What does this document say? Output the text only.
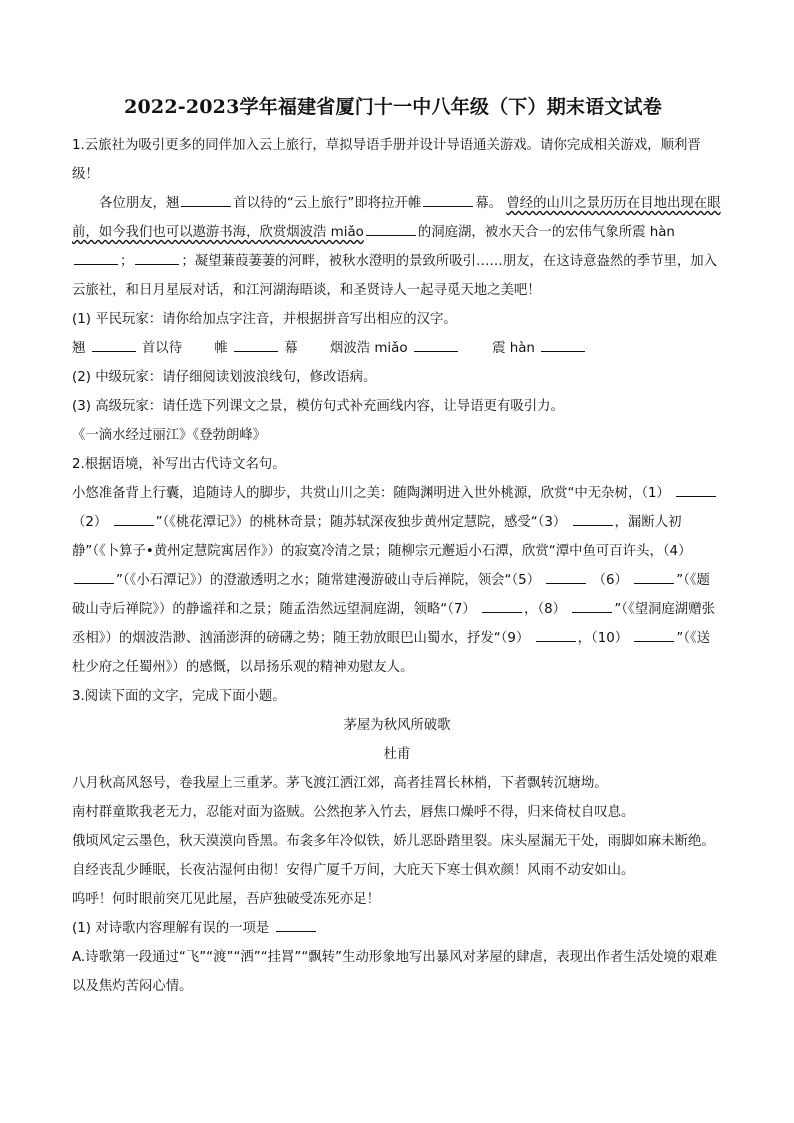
2022-2023学年福建省厦门十一中八年级（下）期末语文试卷

1.云旅社为吸引更多的同伴加入云上旅行，草拟导语手册并设计导语通关游戏。请你完成相关游戏，顺利晋级！

各位朋友，翘	首以待的“云上旅行”即将拉开帷	幕。 曾经的山川之景历历在目地出现在眼前，如今我们也可以遨游书海，欣赏烟波浩 miǎo	的洞庭湖，被水天合一的宏伟气象所震 hàn；	；凝望蒹葭萋萋的河畔，被秋水澄明的景致所吸引……朋友，在这诗意盎然的季节里，加入云旅社，和日月星辰对话，和江河湖海晤谈，和圣贤诗人一起寻觅天地之美吧！

(1) 平民玩家：请你给加点字注音，并根据拼音写出相应的汉字。

翘	首以待 帷	幕 烟波浩 miǎo	震 hàn

(2) 中级玩家：请仔细阅读划波浪线句，修改语病。

(3) 高级玩家：请任选下列课文之景，模仿句式补充画线内容，让导语更有吸引力。

《一滴水经过丽江》《登勃朗峰》

2.根据语境，补写出古代诗文名句。

小悠准备背上行囊，追随诗人的脚步，共赏山川之美：随陶渊明进入世外桃源，欣赏“中无杂树，（1）  （2）	”（《桃花潭记》）的桃林奇景；随苏轼深夜独步黄州定慧院，感受“（3）	，漏断人初静”（《卜算子•黄州定慧院寓居作》）的寂寞冷清之景；随柳宗元邂逅小石潭，欣赏“潭中鱼可百许头，（4） ”（《小石潭记》）的澄澈透明之水；随常建漫游破山寺后禅院，领会“（5）	（6）	”（《题破山寺后禅院》）的静谧祥和之景；随孟浩然远望洞庭湖，领略“（7）	，（8）	”（《望洞庭湖赠张丞相》）的烟波浩渺、汹涌澎湃的磅礴之势；随王勃放眼巴山蜀水，抒发“（9）	，（10）	”（《送杜少府之任蜀州》）的感慨，以昂扬乐观的精神劝慰友人。

3.阅读下面的文字，完成下面小题。

茅屋为秋风所破歌

杜甫

八月秋高风怒号，卷我屋上三重茅。茅飞渡江洒江郊，高者挂罥长林梢，下者飘转沉塘坳。

南村群童欺我老无力，忍能对面为盗贼。公然抱茅入竹去，唇焦口燥呼不得，归来倚杖自叹息。

俄顷风定云墨色，秋天漠漠向昏黑。布衾多年冷似铁，娇儿恶卧踏里裂。床头屋漏无干处，雨脚如麻未断绝。

自经丧乱少睡眠，长夜沾湿何由彻！安得广厦千万间，大庇天下寒士俱欢颜！风雨不动安如山。

呜呼！何时眼前突兀见此屋，吾庐独破受冻死亦足！

(1) 对诗歌内容理解有误的一项是

A.诗歌第一段通过“飞”“渡”“洒”“挂罥”“飘转”生动形象地写出暴风对茅屋的肆虐，表现出作者生活处境的艰难以及焦灼苦闷心情。
